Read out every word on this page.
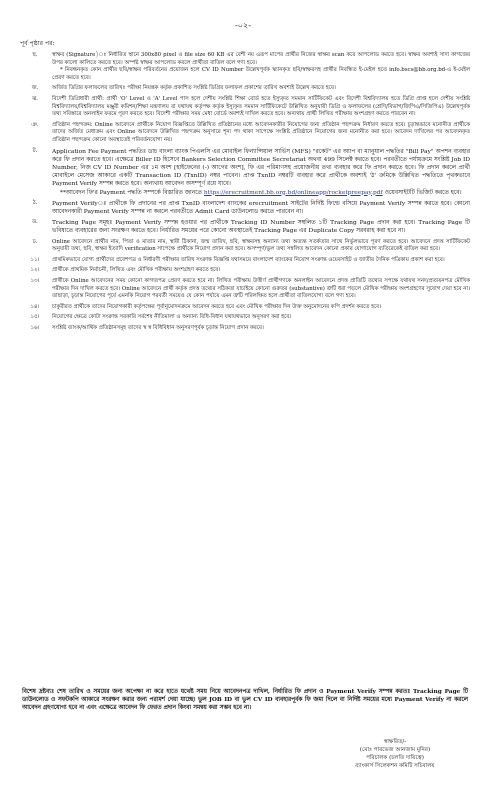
-০২-
পূর্ব পৃষ্ঠার পর:
ছ.	স্বাক্ষর (Signature)ঃ নির্ধারিত স্থানে 300x80 pixel ও file size 60 KB এর বেশী নয় এরূপ মাপের প্রার্থীর নিজের স্বাক্ষর scan করে আপলোড করতে হবে। স্বাক্ষর অবশ্যই সাদা কাগজের উপর কালো কালিতে করতে হবে। অস্পষ্ট স্বাক্ষর আপলোড করলে প্রার্থীতা বাতিল বলে গণ্য হবে।
* নিবন্ধনকৃত কোন প্রার্থীর ছবি/স্বাক্ষর পরিবর্তনের প্রয়োজন হলে CV ID Number উল্লেখপূর্বক স্ক্যানকৃত ছবি/স্বাক্ষরসহ প্রার্থীর নিবন্ধিত ই-মেইল হতে info.bscs@bb.org.bd-এ ই-মেইল প্রেরণ করতে হবে।
জ.	অর্জিত ডিগ্রির ফলাফলের তারিখঃ পরীক্ষা নিয়ন্ত্রক কর্তৃক প্রকাশিত সংশ্লিষ্ট ডিগ্রির ফলাফল প্রকাশের তারিখ অবশ্যই উল্লেখ করতে হবে।
ঝ.	বিদেশী ডিগ্রিধারী প্রার্থী: প্রার্থী 'O' Level ও 'A' Level পাস হলে দেশীয় সংশ্লিষ্ট শিক্ষা বোর্ড হতে ইস্যুকৃত সমমান সার্টিফিকেট এবং বিদেশী বিশ্ববিদ্যালয় হতে ডিগ্রি প্রাপ্ত হলে দেশীয় সংশ্লিষ্ট বিশ্ববিদ্যালয়/বিশ্ববিদ্যালয় মঞ্জুরী কমিশন/শিক্ষা মন্ত্রণালয় বা যথাযথ কর্তৃপক্ষ কর্তৃক ইস্যুকৃত সমমান সার্টিফিকেটে উল্লিখিত অনুযায়ী ডিগ্রি ও ফলাফলের (শ্রেণি/বিভাগ/জিপিএ/সিজিপিএ) উল্লেখপূর্বক তথ্য সবিস্তারে অনলাইন ফরমে পূরণ করতে হবে। বিদেশী পরীক্ষার সময় মেধা বোর্ডে অবশ্যই দাখিল করতে হবে। অন্যথায় প্রার্থী লিখিত পরীক্ষায় অংশগ্রহণ করতে পারবেন না।
ঞ.	প্রতিষ্ঠান পছন্দক্রম: Online আবেদনে প্রার্থীকে নিয়োগ বিজ্ঞপ্তিতে উল্লিখিত প্রতিষ্ঠানের মধ্যে আবেদনকারীর নিয়োগের জন্য প্রতিষ্ঠান পছন্দক্রম নির্ধারণ করতে হবে। চূড়ান্তভাবে মনোনীত প্রার্থীকে তাদের অর্জিত মেধাক্রম এবং Online আবেদনে উল্লিখিত পছন্দক্রম অনুসারে শূন্য পদ থাকা সাপেক্ষে সংশ্লিষ্ট প্রতিষ্ঠানে নিয়োগের জন্য মনোনীত করা হবে। আবেদন দাখিলের পর আবেদনকৃত প্রতিষ্ঠান পছন্দক্রম কোনো অবস্থাতেই পরিবর্তনযোগ্য নয়।
ট.	Application Fee Payment পদ্ধতিঃ ডাচ বাংলা ব্যাংক পিএলসি এর মোবাইল ফিন্যান্সিয়াল সার্ভিস (MFS) "রকেট" এর অ্যাপ বা ম্যানুয়াল পদ্ধতির "Bill Pay" অপশন ব্যবহার করে ফি প্রদান করতে হবে। এক্ষেত্রে Biller ID হিসেবে Bankers Selection Committee Secretariat অথবা 499 সিলেক্ট করতে হবে। পরবর্তীতে পর্যায়ক্রমে সংশ্লিষ্ট Job ID Number, নিজ CV ID Number এর ১ম অংশ [হাইফেনের (-) আগের অংশ], ফি এর পরিমাণসহ প্রয়োজনীয় তথ্য ব্যবহার করে ফি প্রদান করতে হবে। ফি প্রদান করলে প্রার্থী মোবাইলে মেসেজ আকারে একটি Transaction ID (TxnID) নম্বর পাবেন। প্রাপ্ত TxnID নম্বরটি ব্যবহার করে প্রার্থীকে অবশ্যই 'ঠ' ক্রমিকে উল্লিখিত পদ্ধতিতে পৃথকভাবে Payment Verify সম্পন্ন করতে হবে। অন্যথায় আবেদন অসম্পূর্ণ রয়ে যাবে।
**আবেদন ফি'র Payment পদ্ধতি সম্পর্কে বিস্তারিত জানতে https://erecruitment.bb.org.bd/onlineapp/rocketpreepay.pdf ওয়েবসাইটটি ভিজিট করতে হবে।
ঠ.	Payment Verifyঃ প্রার্থীকে ফি প্রদানের পর প্রাপ্ত TxnID বাংলাদেশ ব্যাংকের erecruitment সাইটের নির্দিষ্ট ফিল্ডে বসিয়ে Payment Verify সম্পন্ন করতে হবে। কোনো আবেদনকারী Payment Verify সম্পন্ন না করলে পরবর্তীতে Admit Card ডাউনলোড করতে পারবেন না।
ড.	Tracking Page সমূহঃ Payment Verify সম্পন্ন হওয়ার পর প্রার্থীকে Tracking ID Number সম্বলিত ১টি Tracking Page প্রদান করা হবে। Tracking Page টি ভবিষ্যতে ব্যবহারের জন্য সংরক্ষণ করতে হবে। নির্ধারিত সময়ের পরে কোনো অবস্থাতেই Tracking Page এর Duplicate Copy সরবরাহ করা হবে না।
ঢ.	Online আবেদনে প্রার্থীর নাম, পিতা ও মাতার নাম, স্থায়ী ঠিকানা, জন্ম তারিখ, ছবি, স্বাক্ষরসহ অন্যান্য তথ্য অত্যন্ত সতর্কতার সাথে নির্ভুলভাবে পূরণ করতে হবে। আবেদনে প্রদত্ত সার্টিফিকেট অনুযায়ী তথ্য, ছবি, স্বাক্ষর ইত্যাদি verification সাপেক্ষে প্রার্থীকে নিয়োগ প্রদান করা হবে। অসম্পূর্ণ/ভুল তথ্য সম্বলিত আবেদন কোনো প্রকার যোগাযোগ ব্যতিরেকেই বাতিল করা হবে।
১১।	প্রাথমিকভাবে যোগ্য প্রার্থীদের প্রবেশপত্র ও নির্ধারণী পরীক্ষার তারিখ সংক্রান্ত বিজ্ঞপ্তি যথাসময়ে বাংলাদেশ ব্যাংকের নিয়োগ সংক্রান্ত ওয়েবসাইট ও জাতীয় দৈনিক পত্রিকায় প্রকাশ করা হবে।
১২।	প্রার্থীকে প্রাথমিক নির্বাচনী, লিখিত এবং মৌখিক পরীক্ষায় অংশগ্রহণ করতে হবে।
১৩।	প্রার্থীকে Online আবেদনের সময় কোনো কাগজপত্র প্রেরণ করতে হবে না। লিখিত পরীক্ষায় উত্তীর্ণ প্রার্থীগণকে অনলাইন আবেদনে প্রদত্ত প্রাতিটি তথ্যের সপক্ষে যথাযথ সনদ/প্রত্যয়নপত্র মৌখিক পরীক্ষার দিন দাখিল করতে হবে। Online আবেদনে প্রার্থী কর্তৃক প্রদত্ত তথ্যের সঠিকতা যাচাইয়ে কোনো গুরুতর (substantive) ত্রুটি ধরা পড়লে মৌখিক পরীক্ষায় অংশগ্রহণের সুযোগ দেয়া হবে না। তাছাড়া, চূড়ান্ত নিয়োগের পূর্বে এমনকি নিয়োগ পরবর্তী সময়েও যে কোন পর্যায়ে এমন ত্রুটি পরিলক্ষিত হলে প্রার্থীতা বাতিলযোগ্য বলে গণ্য হবে।
১৪।	চাকুরীরত প্রার্থীকে তাদের নিয়োগকারী কর্তৃপক্ষের পূর্বানুমোদনক্রমে আবেদন করতে হবে এবং মৌখিক পরীক্ষার দিন উক্ত অনুমোদনের কপি প্রদর্শন করতে হবে।
১৫।	নিয়োগের ক্ষেত্রে কোটা সংক্রান্ত সরকারি সর্বশেষ নীতিমালা ও অন্যান্য বিধি-বিধান যথাযথভাবে অনুসরণ করা হবে।
১৬।	সংশ্লিষ্ট ব্যাংক/আর্থিক প্রতিষ্ঠানসমূহ তাদের স্ব স্ব বিধিবিধান অনুসরণপূর্বক চূড়ান্ত নিয়োগ প্রদান করবে।
বিশেষ দ্রষ্টব্যঃ শেষ তারিখ ও সময়ের জন্য অপেক্ষা না করে হাতে যথেষ্ট সময় নিয়ে আবেদনপত্র দাখিল, নির্ধারিত ফি প্রদান ও Payment Verify সম্পন্ন করতঃ Tracking Page টি ডাউনলোড ও সফটকপি আকারে সংরক্ষণ করার জন্য পরামর্শ দেয়া যাচ্ছে। ভুল JOB ID বা ভুল CV ID ব্যবহারপূর্বক ফি জমা দিলে বা নির্দিষ্ট সময়ের মধ্যে Payment Verify না করলে আবেদন গ্রহণযোগ্য হবে না এবং এক্ষেত্রে আবেদন ফি ফেরত প্রদান কিংবা সমন্বয় করা সম্ভব হবে না।
স্বাক্ষরিত/-
(মোঃ পারভেজ আনজাম মুনির)
পরিচালক (চলতি দায়িত্বে)
ব্যাংকার্স সিলেকশন কমিটি সচিবালয়
